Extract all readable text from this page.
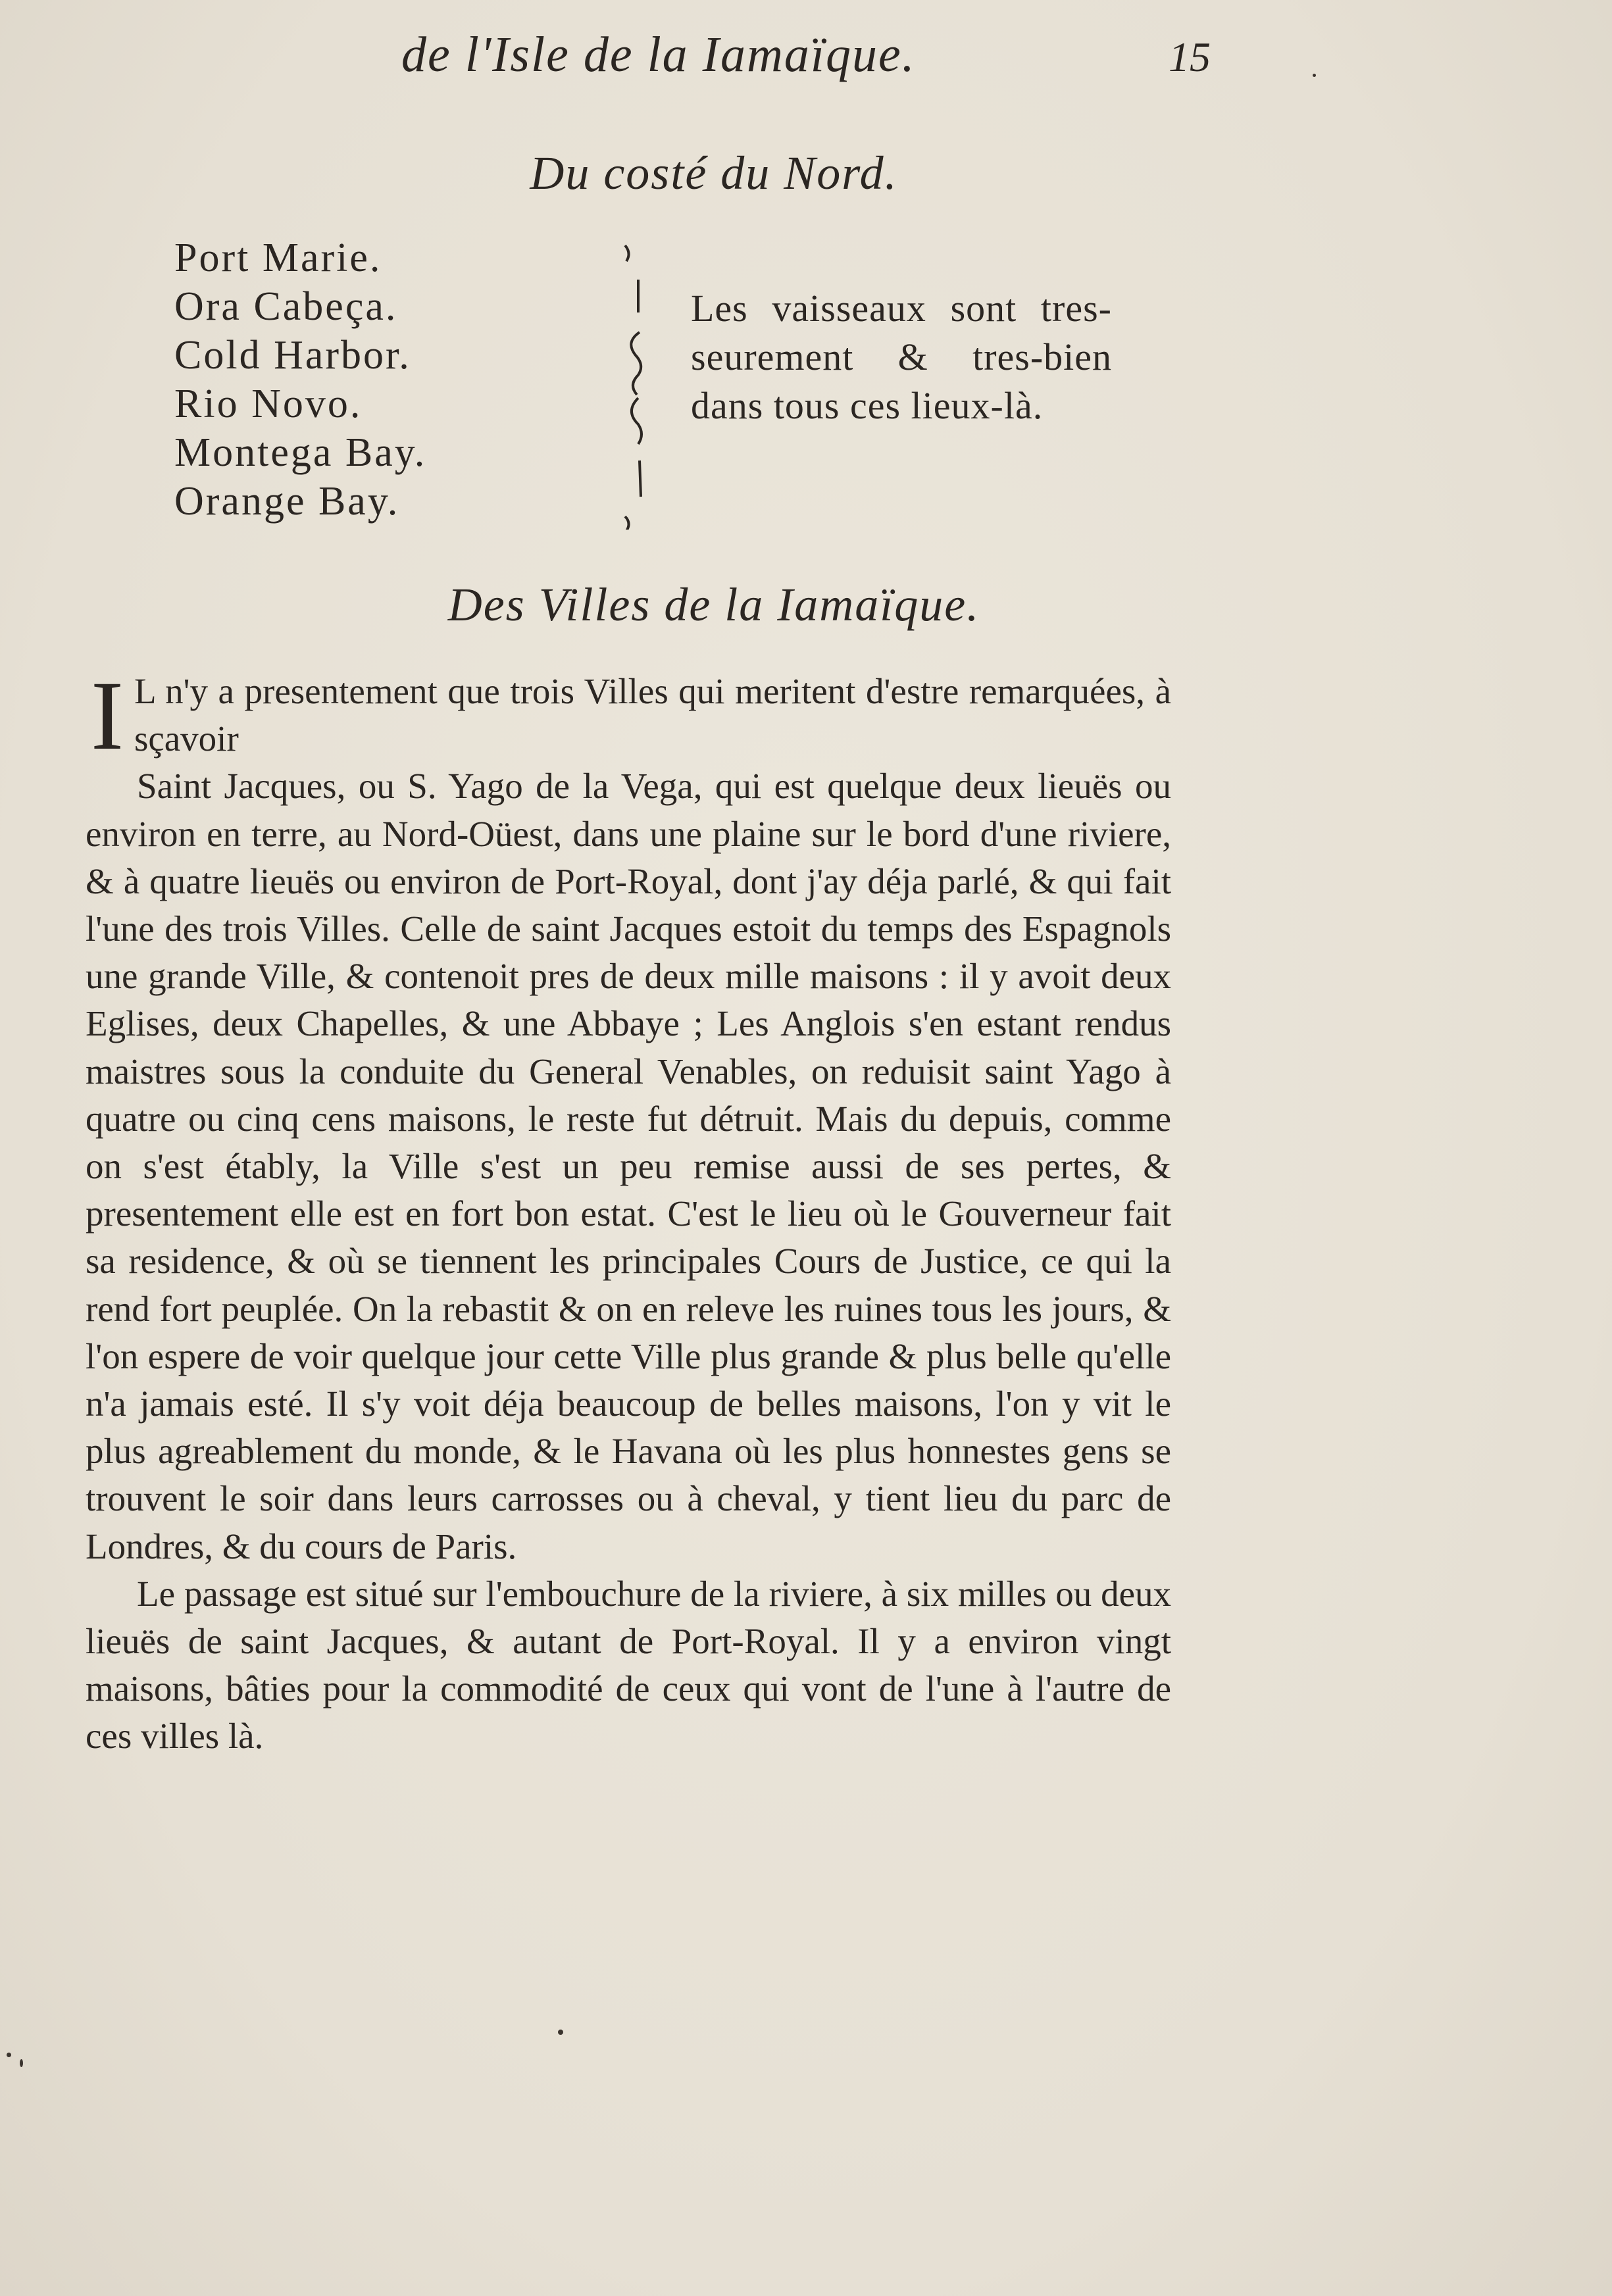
de l'Isle de la Iamaïque.	15
Du costé du Nord.
Port Marie.
Ora Cabeça.
Cold Harbor.
Rio Novo.
Montega Bay.
Orange Bay.
Les vaisseaux sont tres-seurement & tres-bien dans tous ces lieux-là.
Des Villes de la Iamaïque.

I L n'y a presentement que trois Villes qui meritent d'estre remarquées, à sçavoir

Saint Jacques, ou S. Yago de la Vega, qui est quelque deux lieuës ou environ en terre, au Nord-Oüest, dans une plaine sur le bord d'une riviere, & à quatre lieuës ou environ de Port-Royal, dont j'ay déja parlé, & qui fait l'une des trois Villes. Celle de saint Jacques estoit du temps des Espagnols une grande Ville, & contenoit pres de deux mille maisons : il y avoit deux Eglises, deux Chapelles, & une Abbaye ; Les Anglois s'en estant rendus maistres sous la conduite du General Venables, on reduisit saint Yago à quatre ou cinq cens maisons, le reste fut détruit. Mais du depuis, comme on s'est étably, la Ville s'est un peu remise aussi de ses pertes, & presentement elle est en fort bon estat. C'est le lieu où le Gouverneur fait sa residence, & où se tiennent les principales Cours de Justice, ce qui la rend fort peuplée. On la rebastit & on en releve les ruines tous les jours, & l'on espere de voir quelque jour cette Ville plus grande & plus belle qu'elle n'a jamais esté. Il s'y voit déja beaucoup de belles maisons, l'on y vit le plus agreablement du monde, & le Havana où les plus honnestes gens se trouvent le soir dans leurs carrosses ou à cheval, y tient lieu du parc de Londres, & du cours de Paris.

Le passage est situé sur l'embouchure de la riviere, à six milles ou deux lieuës de saint Jacques, & autant de Port-Royal. Il y a environ vingt maisons, bâties pour la commodité de ceux qui vont de l'une à l'autre de ces villes là.
